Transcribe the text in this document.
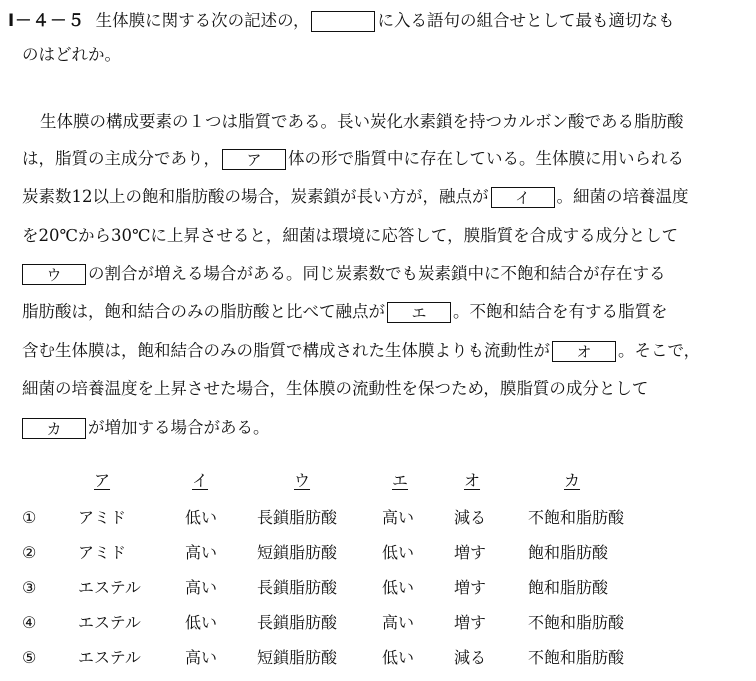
Ⅰ－４－５ 生体膜に関する次の記述の，	に入る語句の組合せとして最も適切なも
のはどれか。
生体膜の構成要素の１つは脂質である。長い炭化水素鎖を持つカルボン酸である脂肪酸
は，脂質の主成分であり， ア 体の形で脂質中に存在している。生体膜に用いられる
炭素数12以上の飽和脂肪酸の場合，炭素鎖が長い方が，融点が イ 。細菌の培養温度
を20℃から30℃に上昇させると，細菌は環境に応答して，膜脂質を合成する成分として
ウ の割合が増える場合がある。同じ炭素数でも炭素鎖中に不飽和結合が存在する
脂肪酸は，飽和結合のみの脂肪酸と比べて融点が エ 。不飽和結合を有する脂質を
含む生体膜は，飽和結合のみの脂質で構成された生体膜よりも流動性が オ 。そこで，
細菌の培養温度を上昇させた場合，生体膜の流動性を保つため，膜脂質の成分として
カ が増加する場合がある。
ア	イ	ウ	エ	オ	カ
①	アミド	低い 長鎖脂肪酸	高い 減る	不飽和脂肪酸
②	アミド	高い 短鎖脂肪酸	低い 増す	飽和脂肪酸
③	エステル	高い 長鎖脂肪酸	低い 増す	飽和脂肪酸
④	エステル	低い 長鎖脂肪酸	高い 増す	不飽和脂肪酸
⑤	エステル	高い 短鎖脂肪酸	低い 減る	不飽和脂肪酸
